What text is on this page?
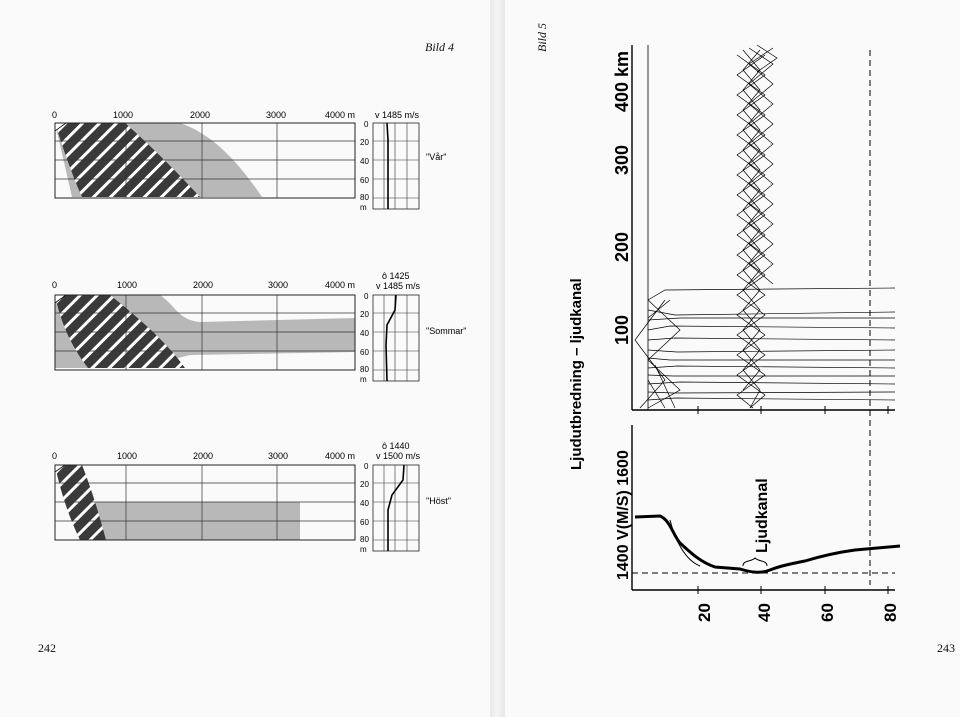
Bild 4
242
0	1000	2000	3000	4000 m v 1485 m/s
0
20
40
60
80
m
"Vår"
0	1000	2000	3000	4000 m
ô 1425
v 1485 m/s
0
20
40
60
80
m
"Sommar"
0	1000	2000	3000	4000 m
ô 1440
v 1500 m/s
0
20
40
60
80
m
"Höst"
Bild 5
243
Ljudutbredning – ljudkanal 100
200
300
400 km
1400 V(M/S) 1600	Ljudkanal
20 40	60	80
